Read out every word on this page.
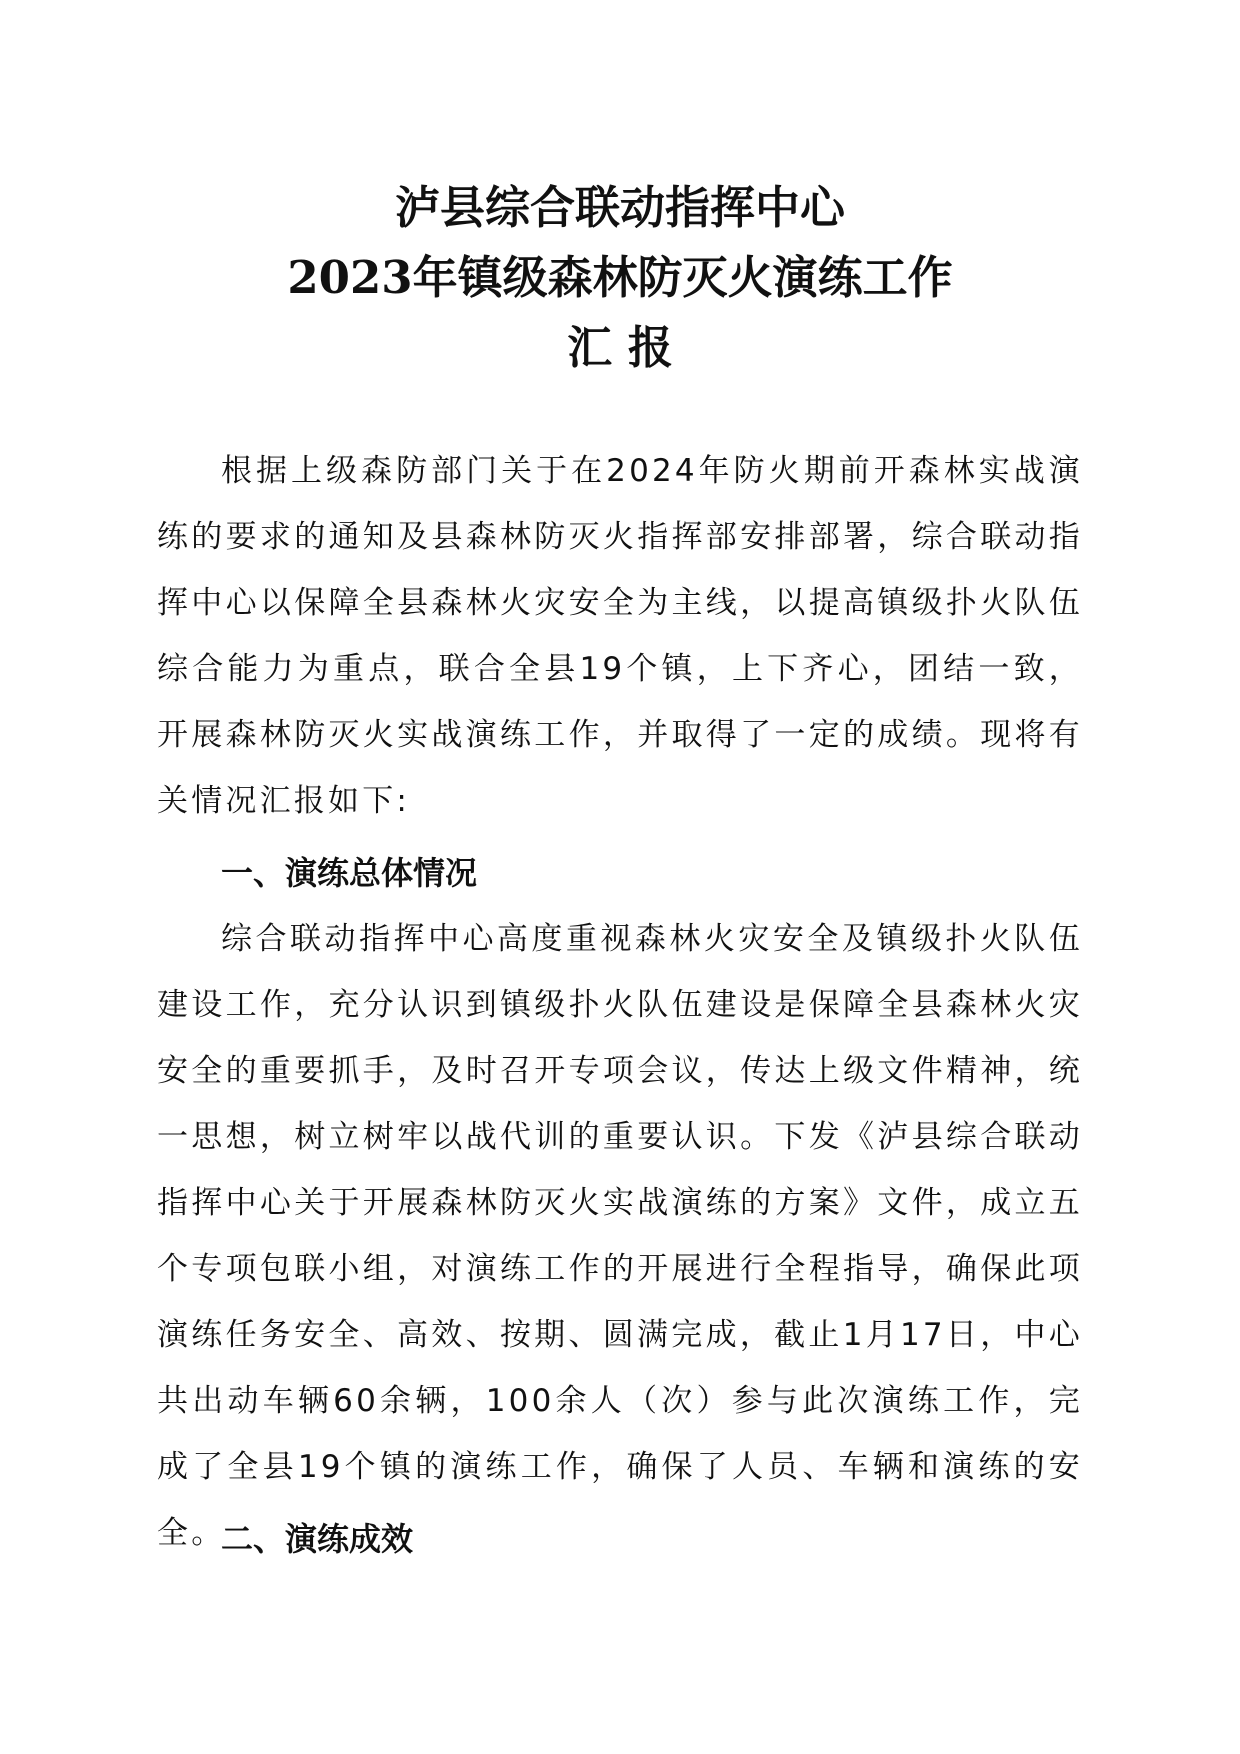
泸县综合联动指挥中心
2023年镇级森林防灭火演练工作
汇 报

根据上级森防部门关于在2024年防火期前开森林实战演练的要求的通知及县森林防灭火指挥部安排部署，综合联动指挥中心以保障全县森林火灾安全为主线，以提高镇级扑火队伍综合能力为重点，联合全县19个镇，上下齐心，团结一致，开展森林防灭火实战演练工作，并取得了一定的成绩。现将有关情况汇报如下:

一、演练总体情况

综合联动指挥中心高度重视森林火灾安全及镇级扑火队伍建设工作，充分认识到镇级扑火队伍建设是保障全县森林火灾安全的重要抓手，及时召开专项会议，传达上级文件精神，统一思想，树立树牢以战代训的重要认识。下发《泸县综合联动指挥中心关于开展森林防灭火实战演练的方案》文件，成立五个专项包联小组，对演练工作的开展进行全程指导，确保此项演练任务安全、高效、按期、圆满完成，截止1月17日，中心共出动车辆60余辆，100余人（次）参与此次演练工作，完成了全县19个镇的演练工作，确保了人员、车辆和演练的安全。

二、演练成效
